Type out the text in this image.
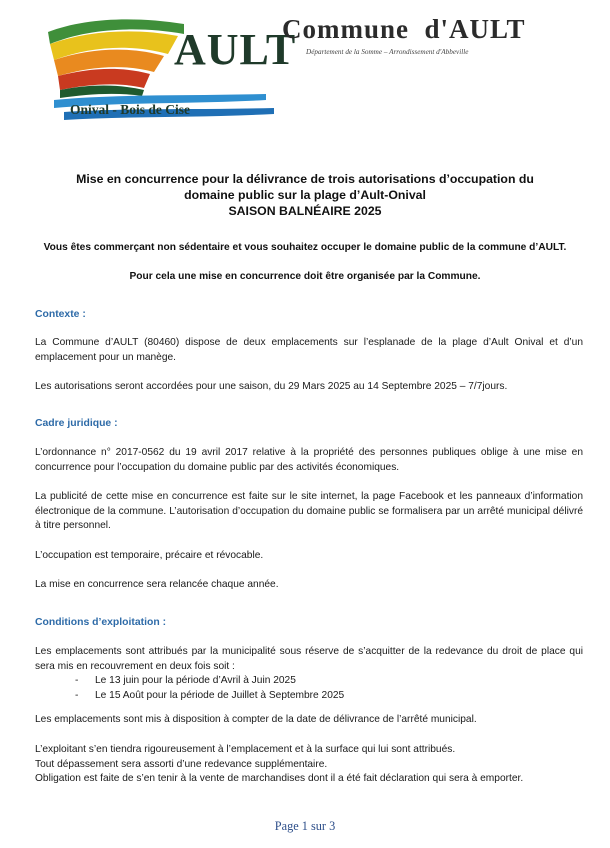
AULT
Onival - Bois de Cise
Commune  d'AULT
Département de la Somme – Arrondissement d'Abbeville
Mise en concurrence pour la délivrance de trois autorisations d’occupation du
domaine public sur la plage d’Ault-Onival
SAISON BALNÉAIRE 2025
Vous êtes commerçant non sédentaire et vous souhaitez occuper le domaine public de la commune d’AULT.
Pour cela une mise en concurrence doit être organisée par la Commune.
Contexte :
La Commune d’AULT (80460) dispose de deux emplacements sur l’esplanade de la plage d’Ault Onival et d’un emplacement pour un manège.
Les autorisations seront accordées pour une saison, du 29 Mars 2025 au 14 Septembre 2025 – 7/7jours.
Cadre juridique :
L’ordonnance n° 2017-0562 du 19 avril 2017 relative à la propriété des personnes publiques oblige à une mise en concurrence pour l’occupation du domaine public par des activités économiques.
La publicité de cette mise en concurrence est faite sur le site internet, la page Facebook et les panneaux d’information électronique de la commune. L’autorisation d’occupation du domaine public se formalisera par un arrêté municipal délivré à titre personnel.
L’occupation est temporaire, précaire et révocable.
La mise en concurrence sera relancée chaque année.
Conditions d’exploitation :
Les emplacements sont attribués par la municipalité sous réserve de s’acquitter de la redevance du droit de place qui sera mis en recouvrement en deux fois soit :
- Le 13 juin pour la période d’Avril à Juin 2025
- Le 15 Août pour la période de Juillet à Septembre 2025
Les emplacements sont mis à disposition à compter de la date de délivrance de l’arrêté municipal.
L’exploitant s’en tiendra rigoureusement à l’emplacement et à la surface qui lui sont attribués.
Tout dépassement sera assorti d’une redevance supplémentaire.
Obligation est faite de s’en tenir à la vente de marchandises dont il a été fait déclaration qui sera à emporter.
Page 1 sur 3
